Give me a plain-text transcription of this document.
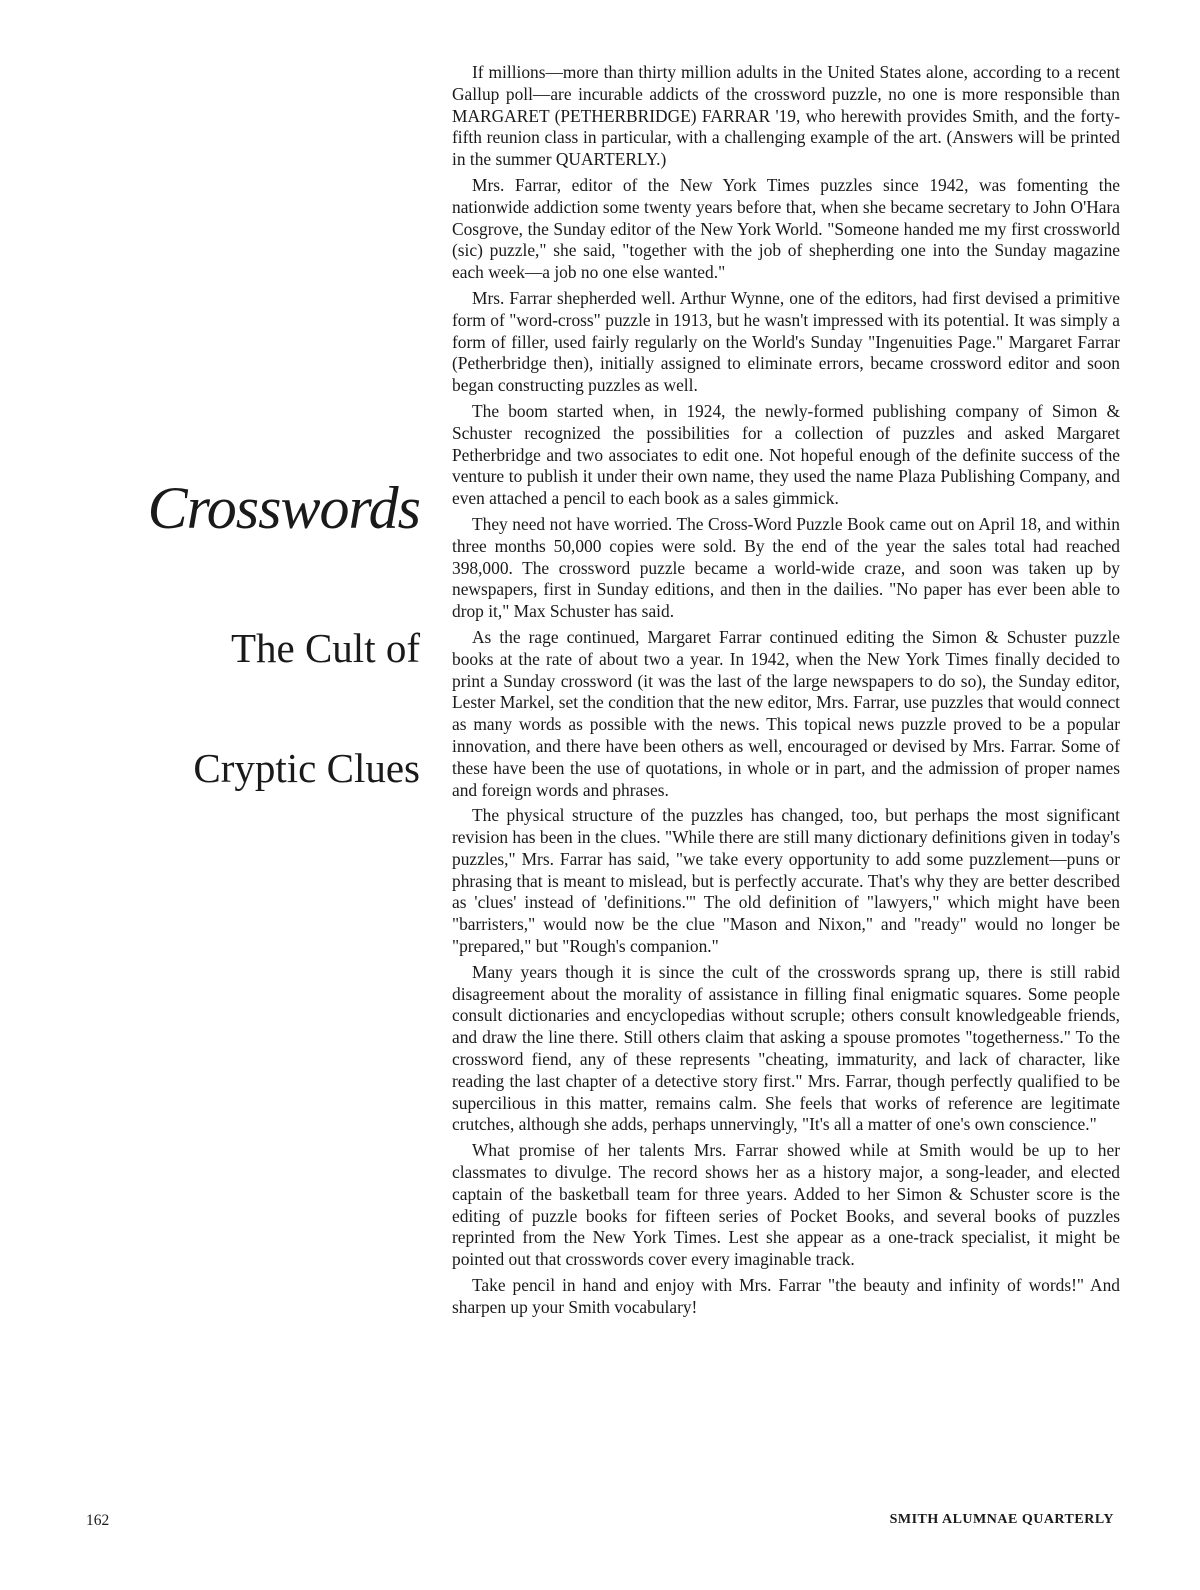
Crosswords
The Cult of
Cryptic Clues

If millions—more than thirty million adults in the United States alone, according to a recent Gallup poll—are incurable addicts of the crossword puzzle, no one is more responsible than MARGARET (PETHERBRIDGE) FARRAR '19, who herewith provides Smith, and the forty-fifth reunion class in particular, with a challenging example of the art. (Answers will be printed in the summer QUARTERLY.)

Mrs. Farrar, editor of the New York Times puzzles since 1942, was fomenting the nationwide addiction some twenty years before that, when she became secretary to John O'Hara Cosgrove, the Sunday editor of the New York World. "Someone handed me my first crossworld (sic) puzzle," she said, "together with the job of shepherding one into the Sunday magazine each week—a job no one else wanted."

Mrs. Farrar shepherded well. Arthur Wynne, one of the editors, had first devised a primitive form of "word-cross" puzzle in 1913, but he wasn't impressed with its potential. It was simply a form of filler, used fairly regularly on the World's Sunday "Ingenuities Page." Margaret Farrar (Petherbridge then), initially assigned to eliminate errors, became crossword editor and soon began constructing puzzles as well.

The boom started when, in 1924, the newly-formed publishing company of Simon & Schuster recognized the possibilities for a collection of puzzles and asked Margaret Petherbridge and two associates to edit one. Not hopeful enough of the definite success of the venture to publish it under their own name, they used the name Plaza Publishing Company, and even attached a pencil to each book as a sales gimmick.

They need not have worried. The Cross-Word Puzzle Book came out on April 18, and within three months 50,000 copies were sold. By the end of the year the sales total had reached 398,000. The crossword puzzle became a world-wide craze, and soon was taken up by newspapers, first in Sunday editions, and then in the dailies. "No paper has ever been able to drop it," Max Schuster has said.

As the rage continued, Margaret Farrar continued editing the Simon & Schuster puzzle books at the rate of about two a year. In 1942, when the New York Times finally decided to print a Sunday crossword (it was the last of the large newspapers to do so), the Sunday editor, Lester Markel, set the condition that the new editor, Mrs. Farrar, use puzzles that would connect as many words as possible with the news. This topical news puzzle proved to be a popular innovation, and there have been others as well, encouraged or devised by Mrs. Farrar. Some of these have been the use of quotations, in whole or in part, and the admission of proper names and foreign words and phrases.

The physical structure of the puzzles has changed, too, but perhaps the most significant revision has been in the clues. "While there are still many dictionary definitions given in today's puzzles," Mrs. Farrar has said, "we take every opportunity to add some puzzlement—puns or phrasing that is meant to mislead, but is perfectly accurate. That's why they are better described as 'clues' instead of 'definitions.'" The old definition of "lawyers," which might have been "barristers," would now be the clue "Mason and Nixon," and "ready" would no longer be "prepared," but "Rough's companion."

Many years though it is since the cult of the crosswords sprang up, there is still rabid disagreement about the morality of assistance in filling final enigmatic squares. Some people consult dictionaries and encyclopedias without scruple; others consult knowledgeable friends, and draw the line there. Still others claim that asking a spouse promotes "togetherness." To the crossword fiend, any of these represents "cheating, immaturity, and lack of character, like reading the last chapter of a detective story first." Mrs. Farrar, though perfectly qualified to be supercilious in this matter, remains calm. She feels that works of reference are legitimate crutches, although she adds, perhaps unnervingly, "It's all a matter of one's own conscience."

What promise of her talents Mrs. Farrar showed while at Smith would be up to her classmates to divulge. The record shows her as a history major, a song-leader, and elected captain of the basketball team for three years. Added to her Simon & Schuster score is the editing of puzzle books for fifteen series of Pocket Books, and several books of puzzles reprinted from the New York Times. Lest she appear as a one-track specialist, it might be pointed out that crosswords cover every imaginable track.

Take pencil in hand and enjoy with Mrs. Farrar "the beauty and infinity of words!" And sharpen up your Smith vocabulary!

162	SMITH ALUMNAE QUARTERLY
